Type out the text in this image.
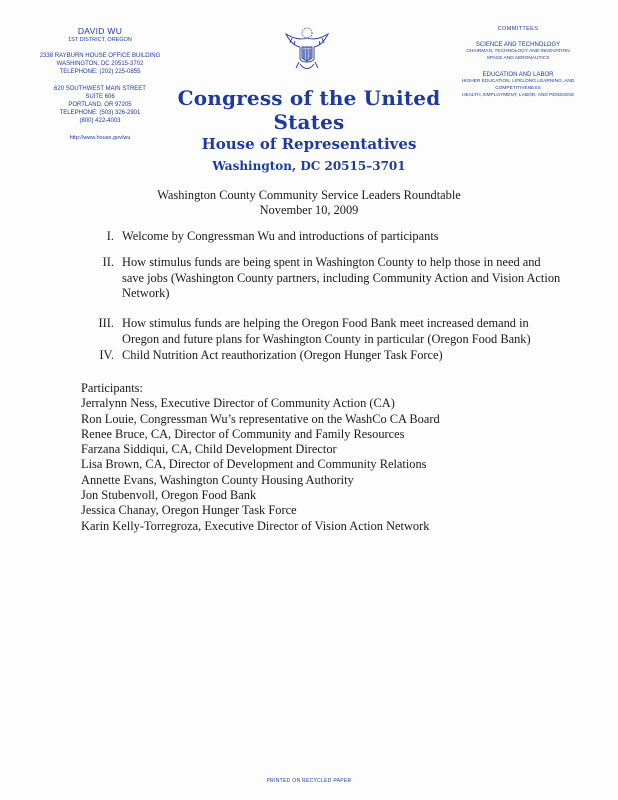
DAVID WU
1ST DISTRICT, OREGON
2338 RAYBURN HOUSE OFFICE BUILDING
WASHINGTON, DC 20515-3702
TELEPHONE: (202) 225-0855
620 SOUTHWEST MAIN STREET
SUITE 606
PORTLAND, OR 97205
TELEPHONE: (503) 326-2901
(800) 422-4003
http://www.house.gov/wu
Congress of the United States
House of Representatives
Washington, DC 20515–3701
COMMITTEES
SCIENCE AND TECHNOLOGY
CHAIRMAN, TECHNOLOGY AND INNOVATION
SPACE AND AERONAUTICS
EDUCATION AND LABOR
HIGHER EDUCATION, LIFELONG LEARNING, AND
COMPETITIVENESS
HEALTH, EMPLOYMENT, LABOR, AND PENSIONS
Washington County Community Service Leaders Roundtable
November 10, 2009
I. Welcome by Congressman Wu and introductions of participants
II. How stimulus funds are being spent in Washington County to help those in need and save jobs (Washington County partners, including Community Action and Vision Action Network)
III. How stimulus funds are helping the Oregon Food Bank meet increased demand in Oregon and future plans for Washington County in particular (Oregon Food Bank)
IV. Child Nutrition Act reauthorization (Oregon Hunger Task Force)
Participants:
Jerralynn Ness, Executive Director of Community Action (CA)
Ron Louie, Congressman Wu’s representative on the WashCo CA Board
Renee Bruce, CA, Director of Community and Family Resources
Farzana Siddiqui, CA, Child Development Director
Lisa Brown, CA, Director of Development and Community Relations
Annette Evans, Washington County Housing Authority
Jon Stubenvoll, Oregon Food Bank
Jessica Chanay, Oregon Hunger Task Force
Karin Kelly-Torregroza, Executive Director of Vision Action Network
PRINTED ON RECYCLED PAPER
